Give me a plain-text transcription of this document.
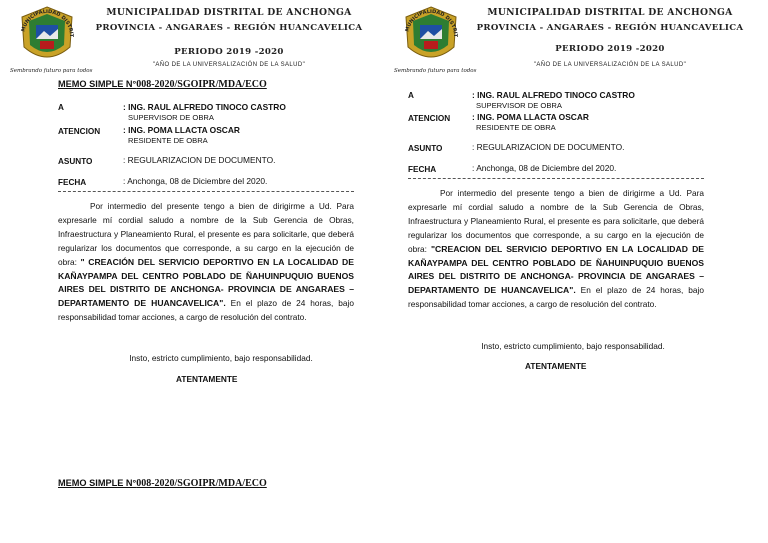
MUNICIPALIDAD DISTRIT
Sembrando futuro para todos
MUNICIPALIDAD DISTRITAL DE ANCHONGA
PROVINCIA - ANGARAES - REGIÓN HUANCAVELICA
PERIODO 2019 -2020
"AÑO DE LA UNIVERSALIZACIÓN DE LA SALUD"
MEMO SIMPLE N°008-2020/SGOIPR/MDA/ECO
A	: ING. RAUL ALFREDO TINOCO CASTRO
SUPERVISOR DE OBRA
ATENCION	: ING. POMA LLACTA OSCAR
RESIDENTE DE OBRA
ASUNTO	: REGULARIZACION DE DOCUMENTO.
FECHA	: Anchonga, 08 de Diciembre del 2020.
Por intermedio del presente tengo a bien de dirigirme a Ud. Para expresarle mí cordial saludo a nombre de la Sub Gerencia de Obras, Infraestructura y Planeamiento Rural, el presente es para solicitarle, que deberá regularizar los documentos que corresponde, a su cargo en la ejecución de obra: " CREACIÓN DEL SERVICIO DEPORTIVO EN LA LOCALIDAD DE KAÑAYPAMPA DEL CENTRO POBLADO DE ÑAHUINPUQUIO BUENOS AIRES DEL DISTRITO DE ANCHONGA- PROVINCIA DE ANGARAES –DEPARTAMENTO DE HUANCAVELICA". En el plazo de 24 horas, bajo responsabilidad tomar acciones, a cargo de resolución del contrato.
Insto, estricto cumplimiento, bajo responsabilidad.
ATENTAMENTE
MEMO SIMPLE N°008-2020/SGOIPR/MDA/ECO
MUNICIPALIDAD DISTRIT
Sembrando futuro para todos
MUNICIPALIDAD DISTRITAL DE ANCHONGA
PROVINCIA - ANGARAES - REGIÓN HUANCAVELICA
PERIODO 2019 -2020
"AÑO DE LA UNIVERSALIZACIÓN DE LA SALUD"
A	: ING. RAUL ALFREDO TINOCO CASTRO
SUPERVISOR DE OBRA
ATENCION	: ING. POMA LLACTA OSCAR
RESIDENTE DE OBRA
ASUNTO	: REGULARIZACION DE DOCUMENTO.
FECHA	: Anchonga, 08 de Diciembre del 2020.
Por intermedio del presente tengo a bien de dirigirme a Ud. Para expresarle mí cordial saludo a nombre de la Sub Gerencia de Obras, Infraestructura y Planeamiento Rural, el presente es para solicitarle, que deberá regularizar los documentos que corresponde, a su cargo en la ejecución de obra: "CREACION DEL SERVICIO DEPORTIVO EN LA LOCALIDAD DE KAÑAYPAMPA DEL CENTRO POBLADO DE ÑAHUINPUQUIO BUENOS AIRES DEL DISTRITO DE ANCHONGA- PROVINCIA DE ANGARAES –DEPARTAMENTO DE HUANCAVELICA". En el plazo de 24 horas, bajo responsabilidad tomar acciones, a cargo de resolución del contrato.
Insto, estricto cumplimiento, bajo responsabilidad.
ATENTAMENTE
